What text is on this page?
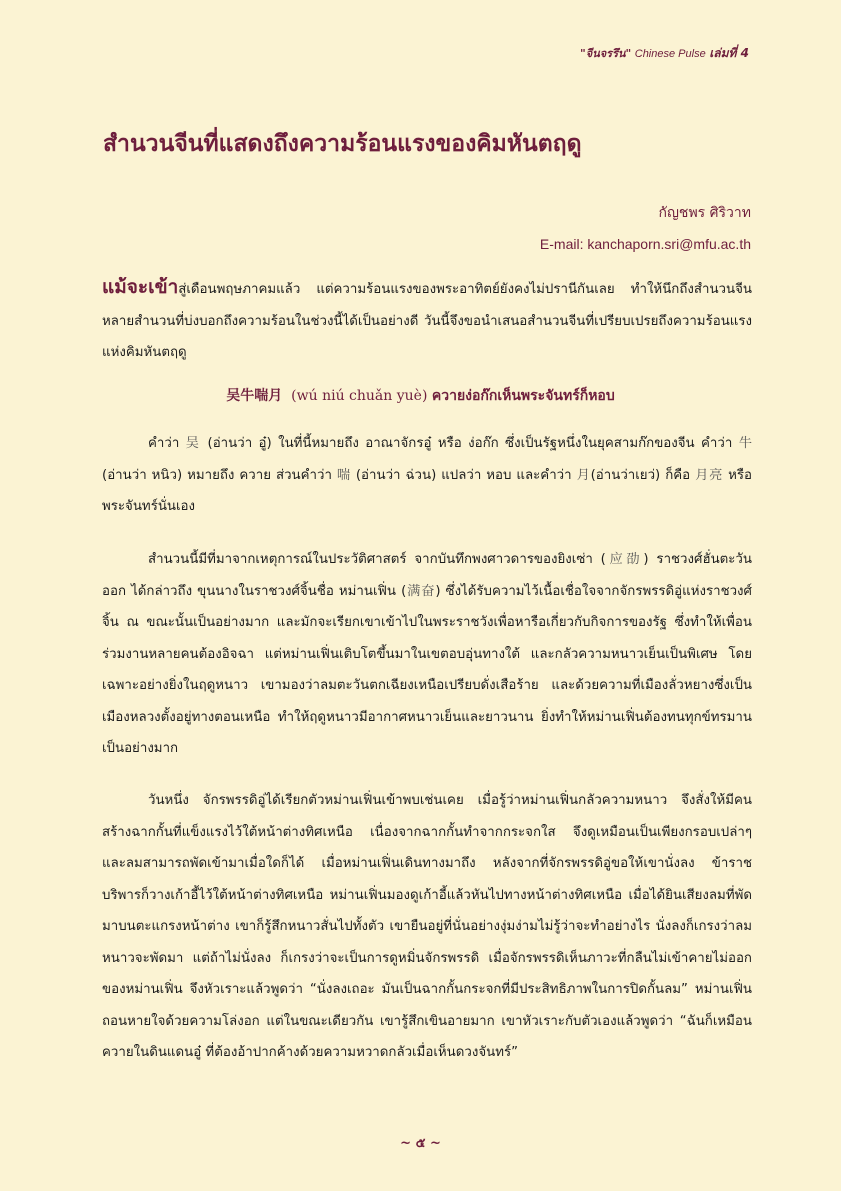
"จีนจรรึน" Chinese Pulse เล่มที่ 4
สำนวนจีนที่แสดงถึงความร้อนแรงของคิมหันตฤดู
กัญชพร ศิริวาท
E-mail: kanchaporn.sri@mfu.ac.th
แม้จะเข้าสู่เดือนพฤษภาคมแล้ว แต่ความร้อนแรงของพระอาทิตย์ยังคงไม่ปรานีกันเลย ทำให้นึกถึงสำนวนจีนหลายสำนวนที่บ่งบอกถึงความร้อนในช่วงนี้ได้เป็นอย่างดี วันนี้จึงขอนำเสนอสำนวนจีนที่เปรียบเปรยถึงความร้อนแรงแห่งคิมหันตฤดู
吴牛喘月 (wú niú chuǎn yuè) ควายง่อก๊กเห็นพระจันทร์ก็หอบ
คำว่า 吴 (อ่านว่า อู๋) ในที่นี้หมายถึง อาณาจักรอู๋ หรือ ง่อก๊ก ซึ่งเป็นรัฐหนึ่งในยุคสามก๊กของจีน คำว่า 牛 (อ่านว่า หนิว) หมายถึง ควาย ส่วนคำว่า 喘 (อ่านว่า ฉ่วน) แปลว่า หอบ และคำว่า 月(อ่านว่าเยว่) ก็คือ 月亮 หรือพระจันทร์นั่นเอง
สำนวนนี้มีที่มาจากเหตุการณ์ในประวัติศาสตร์ จากบันทึกพงศาวดารของยิงเซ่า (应劭) ราชวงศ์ฮั่นตะวันออก ได้กล่าวถึง ขุนนางในราชวงศ์จิ้นชื่อ หม่านเฟิ่น (满奋) ซึ่งได้รับความไว้เนื้อเชื่อใจจากจักรพรรดิอู่แห่งราชวงศ์จิ้น ณ ขณะนั้นเป็นอย่างมาก และมักจะเรียกเขาเข้าไปในพระราชวังเพื่อหารือเกี่ยวกับกิจการของรัฐ ซึ่งทำให้เพื่อนร่วมงานหลายคนต้องอิจฉา แต่หม่านเฟิ่นเติบโตขึ้นมาในเขตอบอุ่นทางใต้ และกลัวความหนาวเย็นเป็นพิเศษ โดยเฉพาะอย่างยิ่งในฤดูหนาว เขามองว่าลมตะวันตกเฉียงเหนือเปรียบดั่งเสือร้าย และด้วยความที่เมืองลั่วหยางซึ่งเป็นเมืองหลวงตั้งอยู่ทางตอนเหนือ ทำให้ฤดูหนาวมีอากาศหนาวเย็นและยาวนาน ยิ่งทำให้หม่านเฟิ่นต้องทนทุกข์ทรมานเป็นอย่างมาก
วันหนึ่ง จักรพรรดิอู่ได้เรียกตัวหม่านเฟิ่นเข้าพบเช่นเคย เมื่อรู้ว่าหม่านเฟิ่นกลัวความหนาว จึงสั่งให้มีคนสร้างฉากกั้นที่แข็งแรงไว้ใต้หน้าต่างทิศเหนือ เนื่องจากฉากกั้นทำจากกระจกใส จึงดูเหมือนเป็นเพียงกรอบเปล่าๆ และลมสามารถพัดเข้ามาเมื่อใดก็ได้ เมื่อหม่านเฟิ่นเดินทางมาถึง หลังจากที่จักรพรรดิอู่ขอให้เขานั่งลง ข้าราชบริพารก็วางเก้าอี้ไว้ใต้หน้าต่างทิศเหนือ หม่านเฟิ่นมองดูเก้าอี้แล้วหันไปทางหน้าต่างทิศเหนือ เมื่อได้ยินเสียงลมที่พัดมาบนตะแกรงหน้าต่าง เขาก็รู้สึกหนาวสั่นไปทั้งตัว เขายืนอยู่ที่นั่นอย่างงุ่มง่ามไม่รู้ว่าจะทำอย่างไร นั่งลงก็เกรงว่าลมหนาวจะพัดมา แต่ถ้าไม่นั่งลง ก็เกรงว่าจะเป็นการดูหมิ่นจักรพรรดิ เมื่อจักรพรรดิเห็นภาวะที่กลืนไม่เข้าคายไม่ออกของหม่านเฟิ่น จึงหัวเราะแล้วพูดว่า “นั่งลงเถอะ มันเป็นฉากกั้นกระจกที่มีประสิทธิภาพในการปิดกั้นลม” หม่านเฟิ่นถอนหายใจด้วยความโล่งอก แต่ในขณะเดียวกัน เขารู้สึกเขินอายมาก เขาหัวเราะกับตัวเองแล้วพูดว่า “ฉันก็เหมือนควายในดินแดนอู๋ ที่ต้องอ้าปากค้างด้วยความหวาดกลัวเมื่อเห็นดวงจันทร์”
~ ๕ ~
